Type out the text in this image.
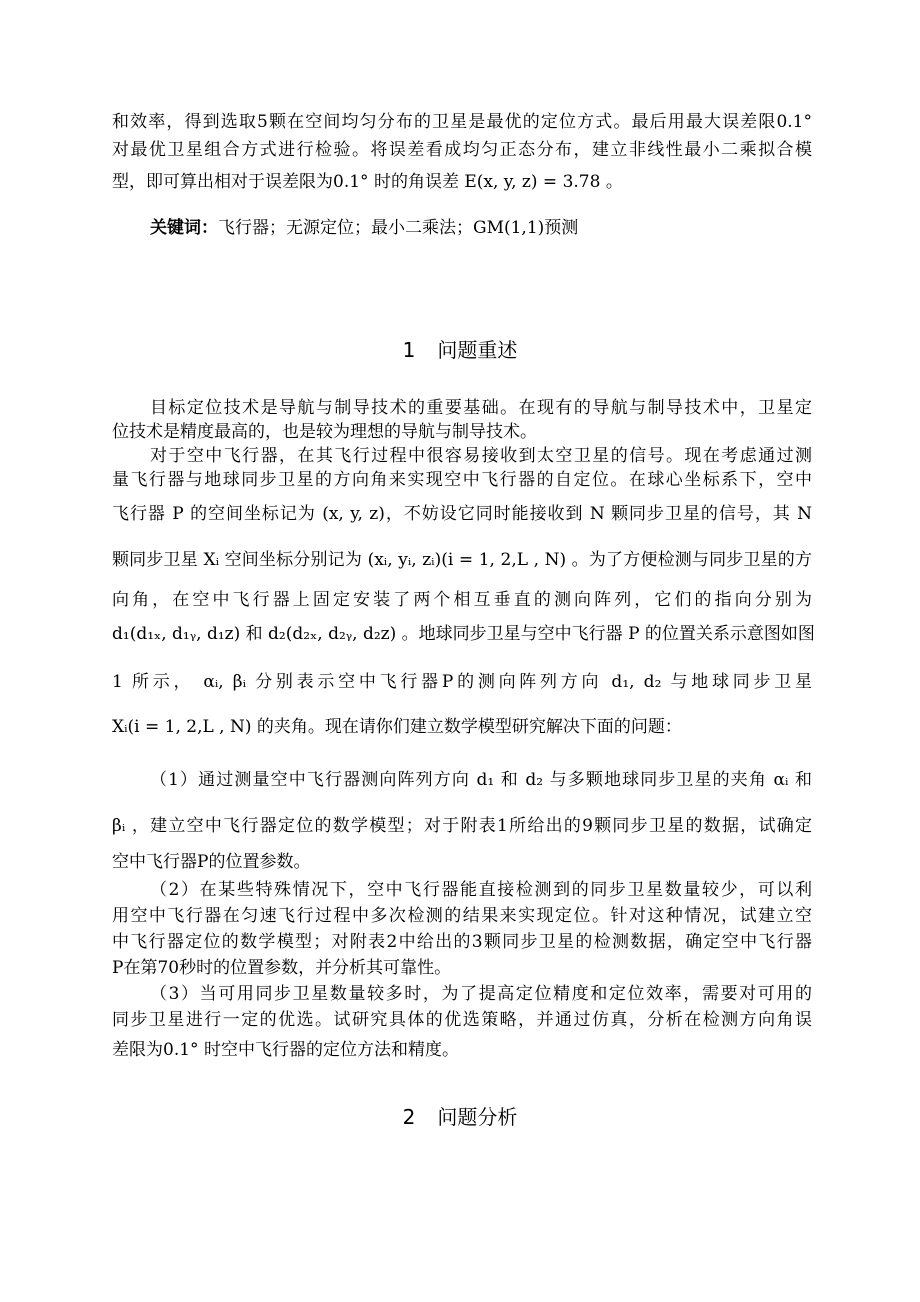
和效率，得到选取5颗在空间均匀分布的卫星是最优的定位方式。最后用最大误差限0.1°
对最优卫星组合方式进行检验。将误差看成均匀正态分布，建立非线性最小二乘拟合模
型，即可算出相对于误差限为0.1° 时的角误差 E(x, y, z) = 3.78 。
关键词：飞行器；无源定位；最小二乘法；GM(1,1)预测
1 问题重述
目标定位技术是导航与制导技术的重要基础。在现有的导航与制导技术中，卫星定
位技术是精度最高的，也是较为理想的导航与制导技术。
对于空中飞行器，在其飞行过程中很容易接收到太空卫星的信号。现在考虑通过测
量飞行器与地球同步卫星的方向角来实现空中飞行器的自定位。在球心坐标系下，空中
飞行器 P 的空间坐标记为 (x, y, z)，不妨设它同时能接收到 N 颗同步卫星的信号，其 N
颗同步卫星 Xᵢ 空间坐标分别记为 (xᵢ, yᵢ, zᵢ)(i = 1, 2,L , N) 。为了方便检测与同步卫星的方
向角，在空中飞行器上固定安装了两个相互垂直的测向阵列，它们的指向分别为
d₁(d₁ₓ, d₁ᵧ, d₁z) 和 d₂(d₂ₓ, d₂ᵧ, d₂z) 。地球同步卫星与空中飞行器 P 的位置关系示意图如图
1 所示， αᵢ, βᵢ 分别表示空中飞行器P的测向阵列方向 d₁, d₂ 与地球同步卫星
Xᵢ(i = 1, 2,L , N) 的夹角。现在请你们建立数学模型研究解决下面的问题：
（1）通过测量空中飞行器测向阵列方向 d₁ 和 d₂ 与多颗地球同步卫星的夹角 αᵢ 和
βᵢ ，建立空中飞行器定位的数学模型；对于附表1所给出的9颗同步卫星的数据，试确定
空中飞行器P的位置参数。
（2）在某些特殊情况下，空中飞行器能直接检测到的同步卫星数量较少，可以利
用空中飞行器在匀速飞行过程中多次检测的结果来实现定位。针对这种情况，试建立空
中飞行器定位的数学模型；对附表2中给出的3颗同步卫星的检测数据，确定空中飞行器
P在第70秒时的位置参数，并分析其可靠性。
（3）当可用同步卫星数量较多时，为了提高定位精度和定位效率，需要对可用的
同步卫星进行一定的优选。试研究具体的优选策略，并通过仿真，分析在检测方向角误
差限为0.1° 时空中飞行器的定位方法和精度。
2 问题分析
